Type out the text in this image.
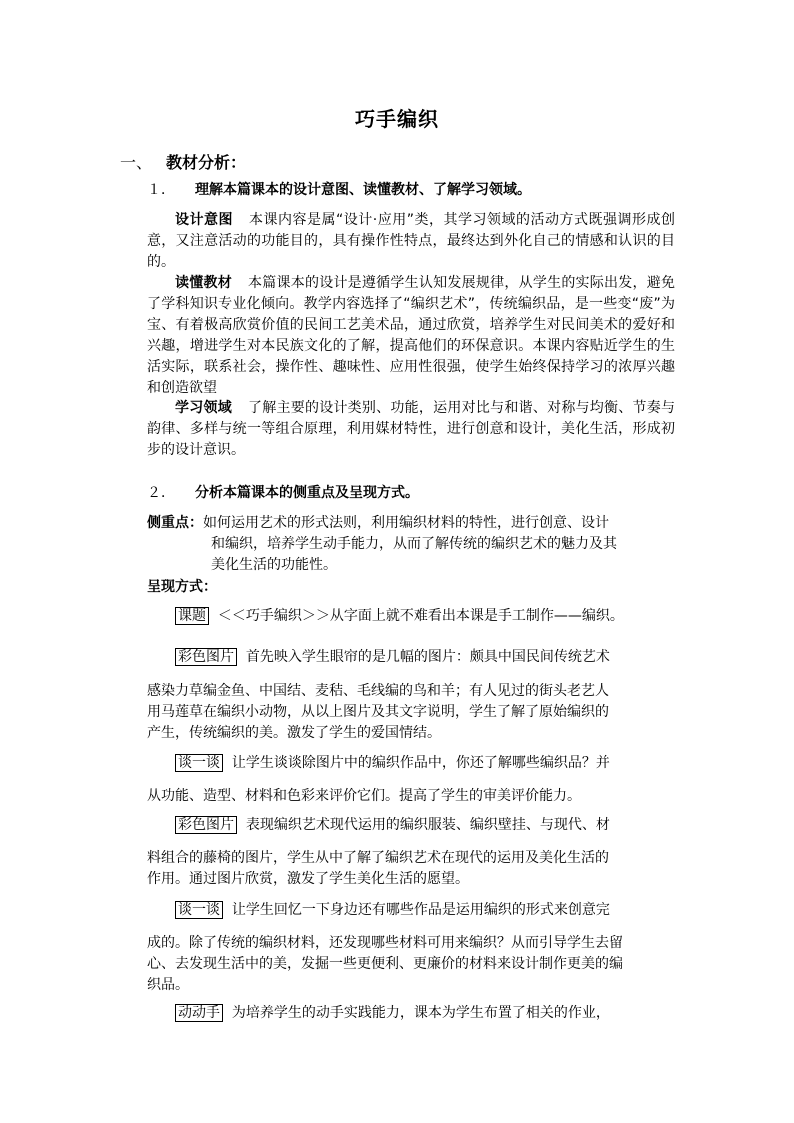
巧手编织
一、 教材分析：
１． 理解本篇课本的设计意图、读懂教材、了解学习领域。
设计意图 本课内容是属“设计·应用”类，其学习领域的活动方式既强调形成创意，又注意活动的功能目的，具有操作性特点，最终达到外化自己的情感和认识的目的。
读懂教材 本篇课本的设计是遵循学生认知发展规律，从学生的实际出发，避免了学科知识专业化倾向。教学内容选择了“编织艺术”，传统编织品，是一些变“废”为宝、有着极高欣赏价值的民间工艺美术品，通过欣赏，培养学生对民间美术的爱好和兴趣，增进学生对本民族文化的了解，提高他们的环保意识。本课内容贴近学生的生活实际，联系社会，操作性、趣味性、应用性很强，使学生始终保持学习的浓厚兴趣和创造欲望
学习领域 了解主要的设计类别、功能，运用对比与和谐、对称与均衡、节奏与韵律、多样与统一等组合原理，利用媒材特性，进行创意和设计，美化生活，形成初步的设计意识。
２． 分析本篇课本的侧重点及呈现方式。
侧重点：如何运用艺术的形式法则，利用编织材料的特性，进行创意、设计
和编织，培养学生动手能力，从而了解传统的编织艺术的魅力及其
美化生活的功能性。
呈现方式：
课题 ＜＜巧手编织＞＞从字面上就不难看出本课是手工制作——编织。
彩色图片 首先映入学生眼帘的是几幅的图片：颇具中国民间传统艺术
感染力草编金鱼、中国结、麦秸、毛线编的鸟和羊；有人见过的街头老艺人
用马莲草在编织小动物，从以上图片及其文字说明，学生了解了原始编织的
产生，传统编织的美。激发了学生的爱国情结。
谈一谈 让学生谈谈除图片中的编织作品中，你还了解哪些编织品？并
从功能、造型、材料和色彩来评价它们。提高了学生的审美评价能力。
彩色图片 表现编织艺术现代运用的编织服装、编织壁挂、与现代、材
料组合的藤椅的图片，学生从中了解了编织艺术在现代的运用及美化生活的
作用。通过图片欣赏，激发了学生美化生活的愿望。
谈一谈 让学生回忆一下身边还有哪些作品是运用编织的形式来创意完
成的。除了传统的编织材料，还发现哪些材料可用来编织？从而引导学生去留
心、去发现生活中的美，发掘一些更便利、更廉价的材料来设计制作更美的编
织品。
动动手 为培养学生的动手实践能力，课本为学生布置了相关的作业，
